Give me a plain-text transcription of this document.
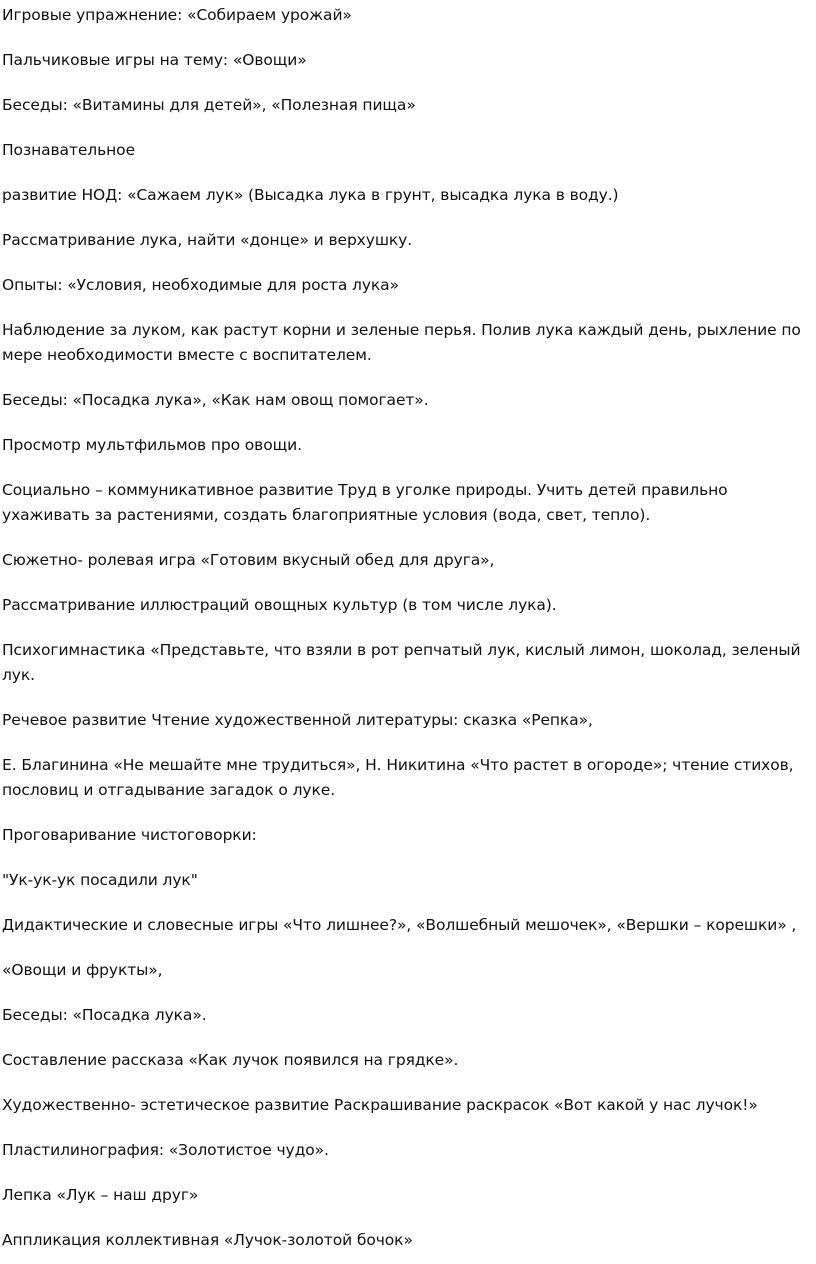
Игровые упражнение: «Собираем урожай»

Пальчиковые игры на тему: «Овощи»

Беседы: «Витамины для детей», «Полезная пища»

Познавательное

развитие НОД: «Сажаем лук» (Высадка лука в грунт, высадка лука в воду.)

Рассматривание лука, найти «донце» и верхушку.

Опыты: «Условия, необходимые для роста лука»

Наблюдение за луком, как растут корни и зеленые перья. Полив лука каждый день, рыхление по мере необходимости вместе с воспитателем.

Беседы: «Посадка лука», «Как нам овощ помогает».

Просмотр мультфильмов про овощи.

Социально – коммуникативное развитие Труд в уголке природы. Учить детей правильно ухаживать за растениями, создать благоприятные условия (вода, свет, тепло).

Сюжетно- ролевая игра «Готовим вкусный обед для друга»,

Рассматривание иллюстраций овощных культур (в том числе лука).

Психогимнастика «Представьте, что взяли в рот репчатый лук, кислый лимон, шоколад, зеленый лук.

Речевое развитие Чтение художественной литературы: сказка «Репка»,

Е. Благинина «Не мешайте мне трудиться», Н. Никитина «Что растет в огороде»; чтение стихов, пословиц и отгадывание загадок о луке.

Проговаривание чистоговорки:

"Ук-ук-ук посадили лук"

Дидактические и словесные игры «Что лишнее?», «Волшебный мешочек», «Вершки – корешки» ,

«Овощи и фрукты»,

Беседы: «Посадка лука».

Составление рассказа «Как лучок появился на грядке».

Художественно- эстетическое развитие Раскрашивание раскрасок «Вот какой у нас лучок!»

Пластилинография: «Золотистое чудо».

Лепка «Лук – наш друг»

Аппликация коллективная «Лучок-золотой бочок»
